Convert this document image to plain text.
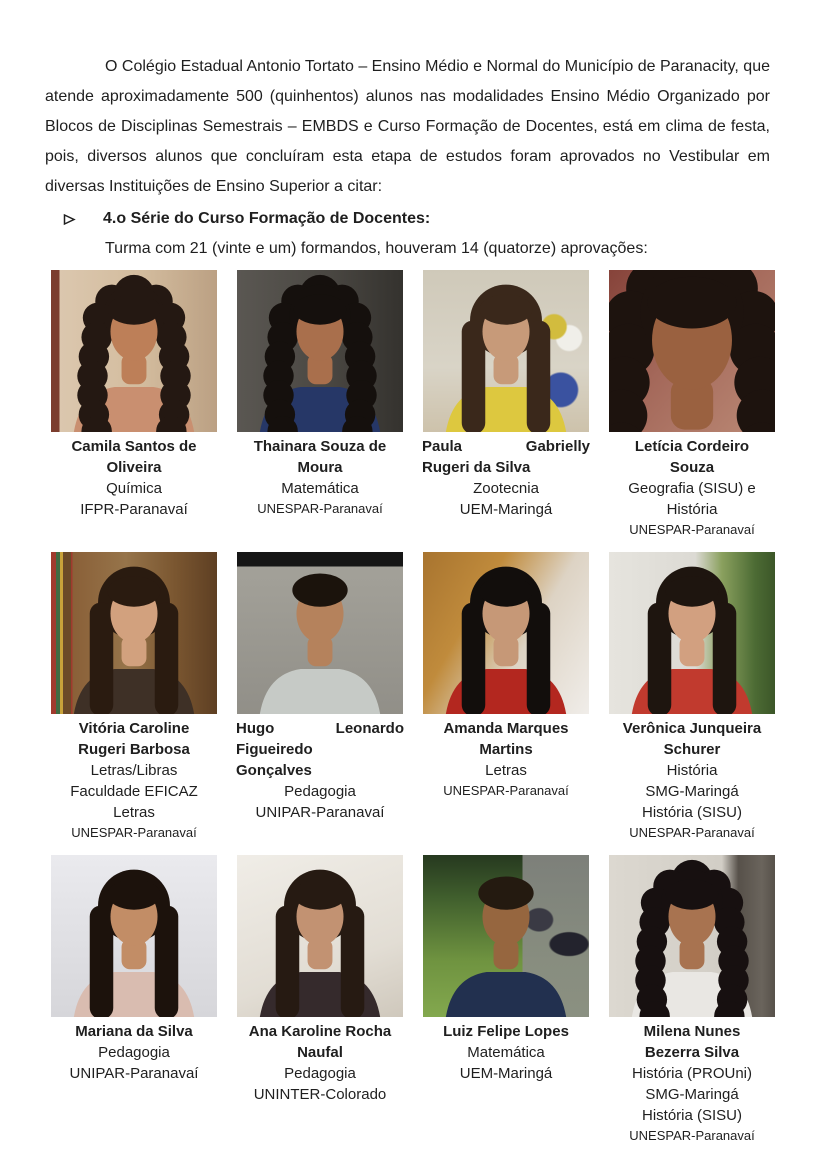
O Colégio Estadual Antonio Tortato – Ensino Médio e Normal do Município de Paranacity, que atende aproximadamente 500 (quinhentos) alunos nas modalidades Ensino Médio Organizado por Blocos de Disciplinas Semestrais – EMBDS e Curso Formação de Docentes, está em clima de festa, pois, diversos alunos que concluíram esta etapa de estudos foram aprovados no Vestibular em diversas Instituições de Ensino Superior a citar:

4.o Série do Curso Formação de Docentes:

Turma com 21 (vinte e um) formandos, houveram 14 (quatorze) aprovações:

Camila Santos de
Oliveira
Química
IFPR-Paranavaí
Thainara Souza de
Moura
Matemática
UNESPAR-Paranavaí
Paula	Gabrielly
Rugeri da Silva
Zootecnia
UEM-Maringá
Letícia Cordeiro
Souza
Geografia (SISU) e
História
UNESPAR-Paranavaí
Vitória Caroline
Rugeri Barbosa
Letras/Libras
Faculdade EFICAZ
Letras
UNESPAR-Paranavaí
Hugo	Leonardo
Figueiredo
Gonçalves
Pedagogia
UNIPAR-Paranavaí
Amanda Marques
Martins
Letras
UNESPAR-Paranavaí
Verônica Junqueira
Schurer
História
SMG-Maringá
História (SISU)
UNESPAR-Paranavaí
Mariana da Silva
Pedagogia
UNIPAR-Paranavaí
Ana Karoline Rocha
Naufal
Pedagogia
UNINTER-Colorado
Luiz Felipe Lopes
Matemática
UEM-Maringá
Milena Nunes
Bezerra Silva
História (PROUni)
SMG-Maringá
História (SISU)
UNESPAR-Paranavaí
